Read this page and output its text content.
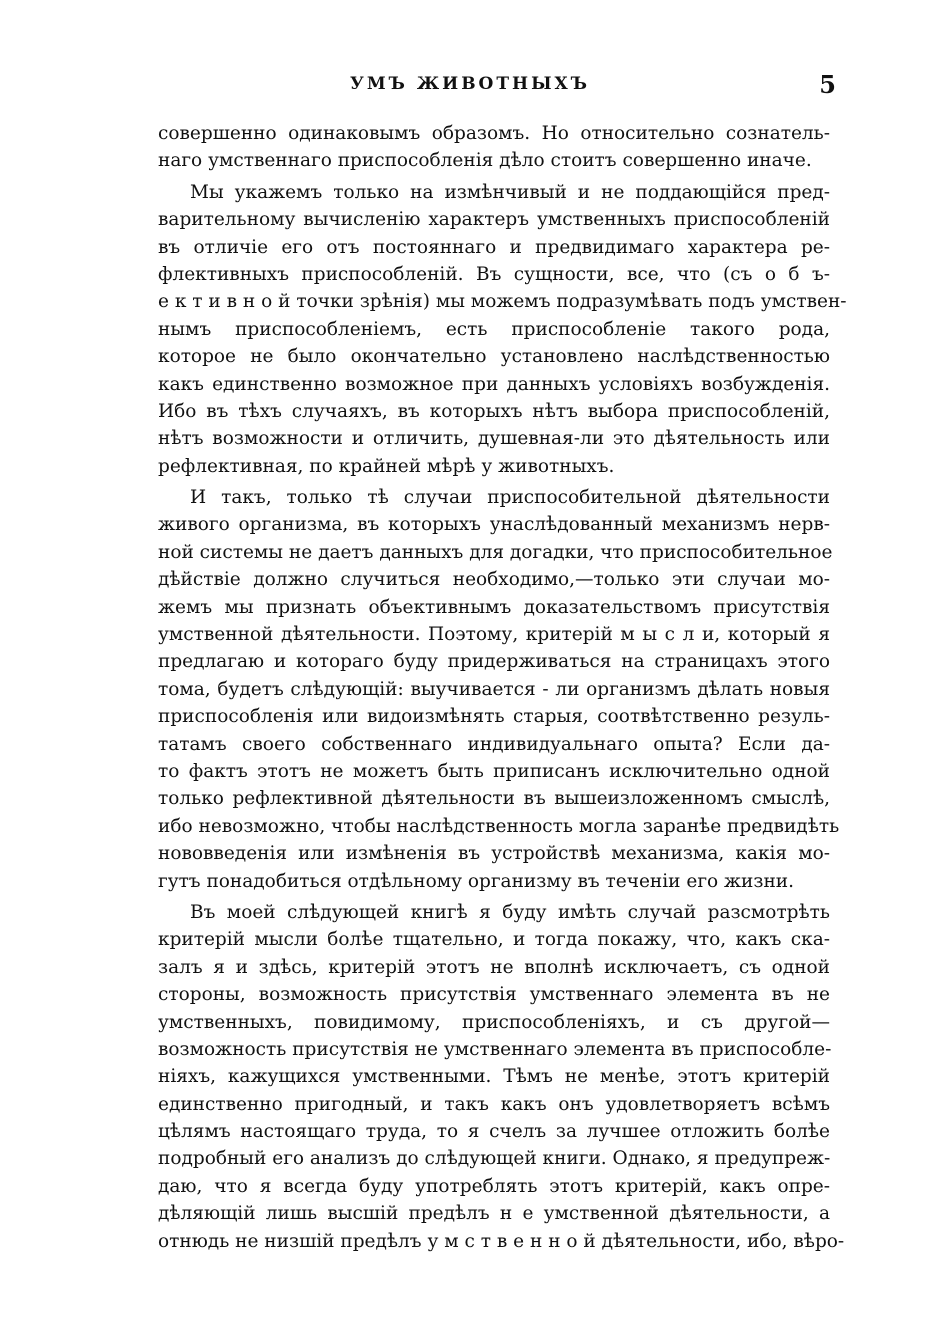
УМЪ ЖИВОТНЫХЪ	5
совершенно одинаковымъ образомъ. Но относительно сознатель-
наго умственнаго приспособленія дѣло стоитъ совершенно иначе.
Мы укажемъ только на измѣнчивый и не поддающійся пред-
варительному вычисленію характеръ умственныхъ приспособленій
въ отличіе его отъ постояннаго и предвидимаго характера ре-
флективныхъ приспособленій. Въ сущности, все, что (съ о б ъ-
е к т и в н о й точки зрѣнія) мы можемъ подразумѣвать подъ умствен-
нымъ приспособленіемъ, есть приспособленіе такого рода,
которое не было окончательно установлено наслѣдственностью
какъ единственно возможное при данныхъ условіяхъ возбужденія.
Ибо въ тѣхъ случаяхъ, въ которыхъ нѣтъ выбора приспособленій,
нѣтъ возможности и отличить, душевная-ли это дѣятельность или
рефлективная, по крайней мѣрѣ у животныхъ.
И такъ, только тѣ случаи приспособительной дѣятельности
живого организма, въ которыхъ унаслѣдованный механизмъ нерв-
ной системы не даетъ данныхъ для догадки, что приспособительное
дѣйствіе должно случиться необходимо,—только эти случаи мо-
жемъ мы признать объективнымъ доказательствомъ присутствія
умственной дѣятельности. Поэтому, критерій м ы с л и, который я
предлагаю и котораго буду придерживаться на страницахъ этого
тома, будетъ слѣдующій: выучивается - ли организмъ дѣлать новыя
приспособленія или видоизмѣнять старыя, соотвѣтственно резуль-
татамъ своего собственнаго индивидуальнаго опыта? Если да-
то фактъ этотъ не можетъ быть приписанъ исключительно одной
только рефлективной дѣятельности въ вышеизложенномъ смыслѣ,
ибо невозможно, чтобы наслѣдственность могла заранѣе предвидѣть
нововведенія или измѣненія въ устройствѣ механизма, какія мо-
гутъ понадобиться отдѣльному организму въ теченіи его жизни.
Въ моей слѣдующей книгѣ я буду имѣть случай разсмотрѣть
критерій мысли болѣе тщательно, и тогда покажу, что, какъ ска-
залъ я и здѣсь, критерій этотъ не вполнѣ исключаетъ, съ одной
стороны, возможность присутствія умственнаго элемента въ не
умственныхъ, повидимому, приспособленіяхъ, и съ другой—
возможность присутствія не умственнаго элемента въ приспособле-
ніяхъ, кажущихся умственными. Тѣмъ не менѣе, этотъ критерій
единственно пригодный, и такъ какъ онъ удовлетворяетъ всѣмъ
цѣлямъ настоящаго труда, то я счелъ за лучшее отложить болѣе
подробный его анализъ до слѣдующей книги. Однако, я предупреж-
даю, что я всегда буду употреблять этотъ критерій, какъ опре-
дѣляющій лишь высшій предѣлъ н е умственной дѣятельности, а
отнюдь не низшій предѣлъ у м с т в е н н о й дѣятельности, ибо, вѣро-
